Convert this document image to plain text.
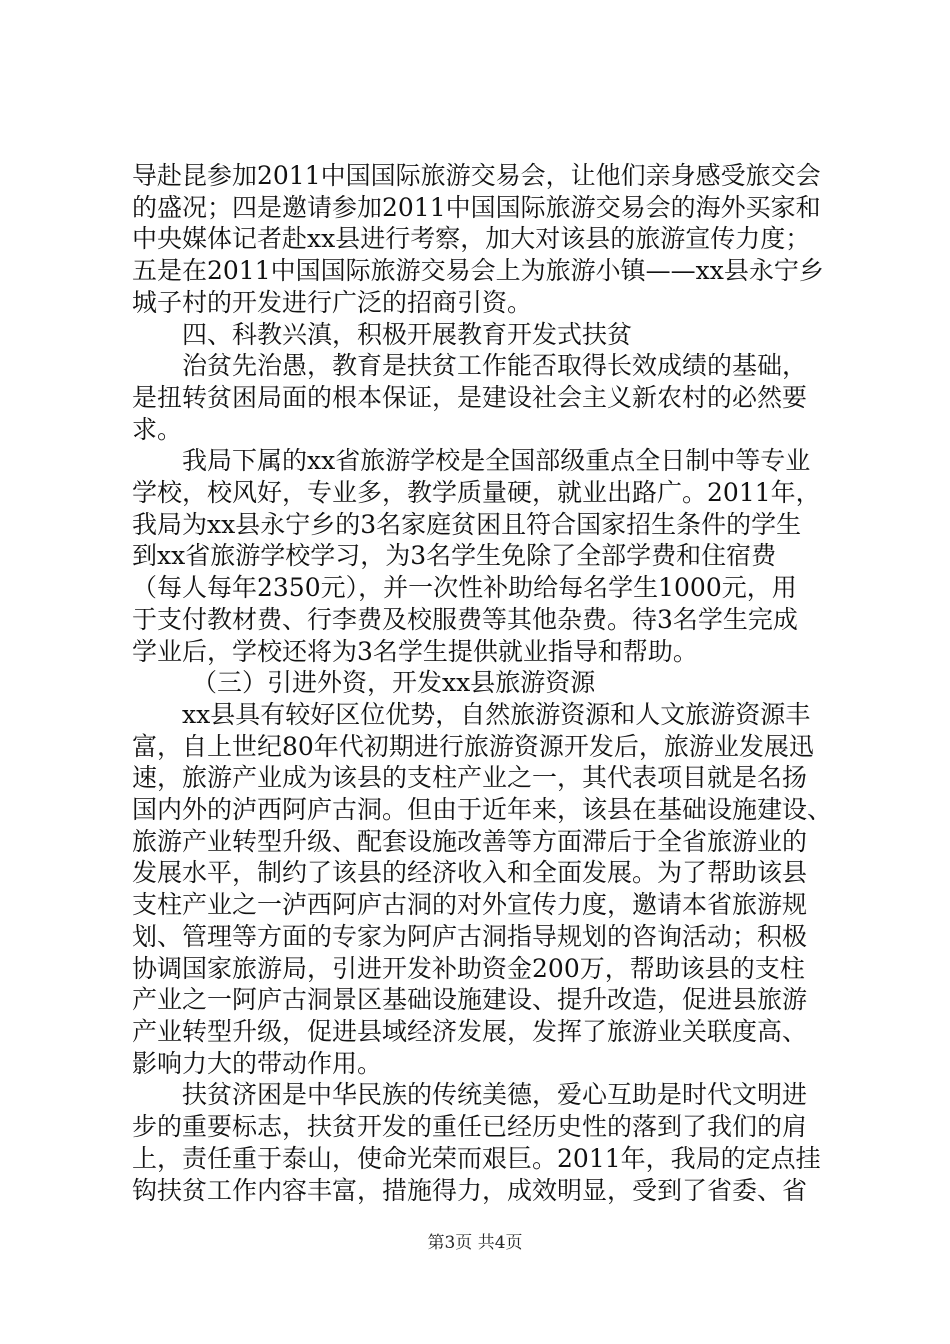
导赴昆参加2011中国国际旅游交易会，让他们亲身感受旅交会
的盛况；四是邀请参加2011中国国际旅游交易会的海外买家和
中央媒体记者赴xx县进行考察，加大对该县的旅游宣传力度；
五是在2011中国国际旅游交易会上为旅游小镇——xx县永宁乡
城子村的开发进行广泛的招商引资。
四、科教兴滇，积极开展教育开发式扶贫
治贫先治愚，教育是扶贫工作能否取得长效成绩的基础，
是扭转贫困局面的根本保证，是建设社会主义新农村的必然要
求。
我局下属的xx省旅游学校是全国部级重点全日制中等专业
学校，校风好，专业多，教学质量硬，就业出路广。2011年，
我局为xx县永宁乡的3名家庭贫困且符合国家招生条件的学生
到xx省旅游学校学习，为3名学生免除了全部学费和住宿费
（每人每年2350元），并一次性补助给每名学生1000元，用
于支付教材费、行李费及校服费等其他杂费。待3名学生完成
学业后，学校还将为3名学生提供就业指导和帮助。
（三）引进外资，开发xx县旅游资源
xx县具有较好区位优势，自然旅游资源和人文旅游资源丰
富，自上世纪80年代初期进行旅游资源开发后，旅游业发展迅
速，旅游产业成为该县的支柱产业之一，其代表项目就是名扬
国内外的泸西阿庐古洞。但由于近年来，该县在基础设施建设、
旅游产业转型升级、配套设施改善等方面滞后于全省旅游业的
发展水平，制约了该县的经济收入和全面发展。为了帮助该县
支柱产业之一泸西阿庐古洞的对外宣传力度，邀请本省旅游规
划、管理等方面的专家为阿庐古洞指导规划的咨询活动；积极
协调国家旅游局，引进开发补助资金200万，帮助该县的支柱
产业之一阿庐古洞景区基础设施建设、提升改造，促进县旅游
产业转型升级，促进县域经济发展，发挥了旅游业关联度高、
影响力大的带动作用。
扶贫济困是中华民族的传统美德，爱心互助是时代文明进
步的重要标志，扶贫开发的重任已经历史性的落到了我们的肩
上，责任重于泰山，使命光荣而艰巨。2011年，我局的定点挂
钩扶贫工作内容丰富，措施得力，成效明显，受到了省委、省
第3页 共4页
